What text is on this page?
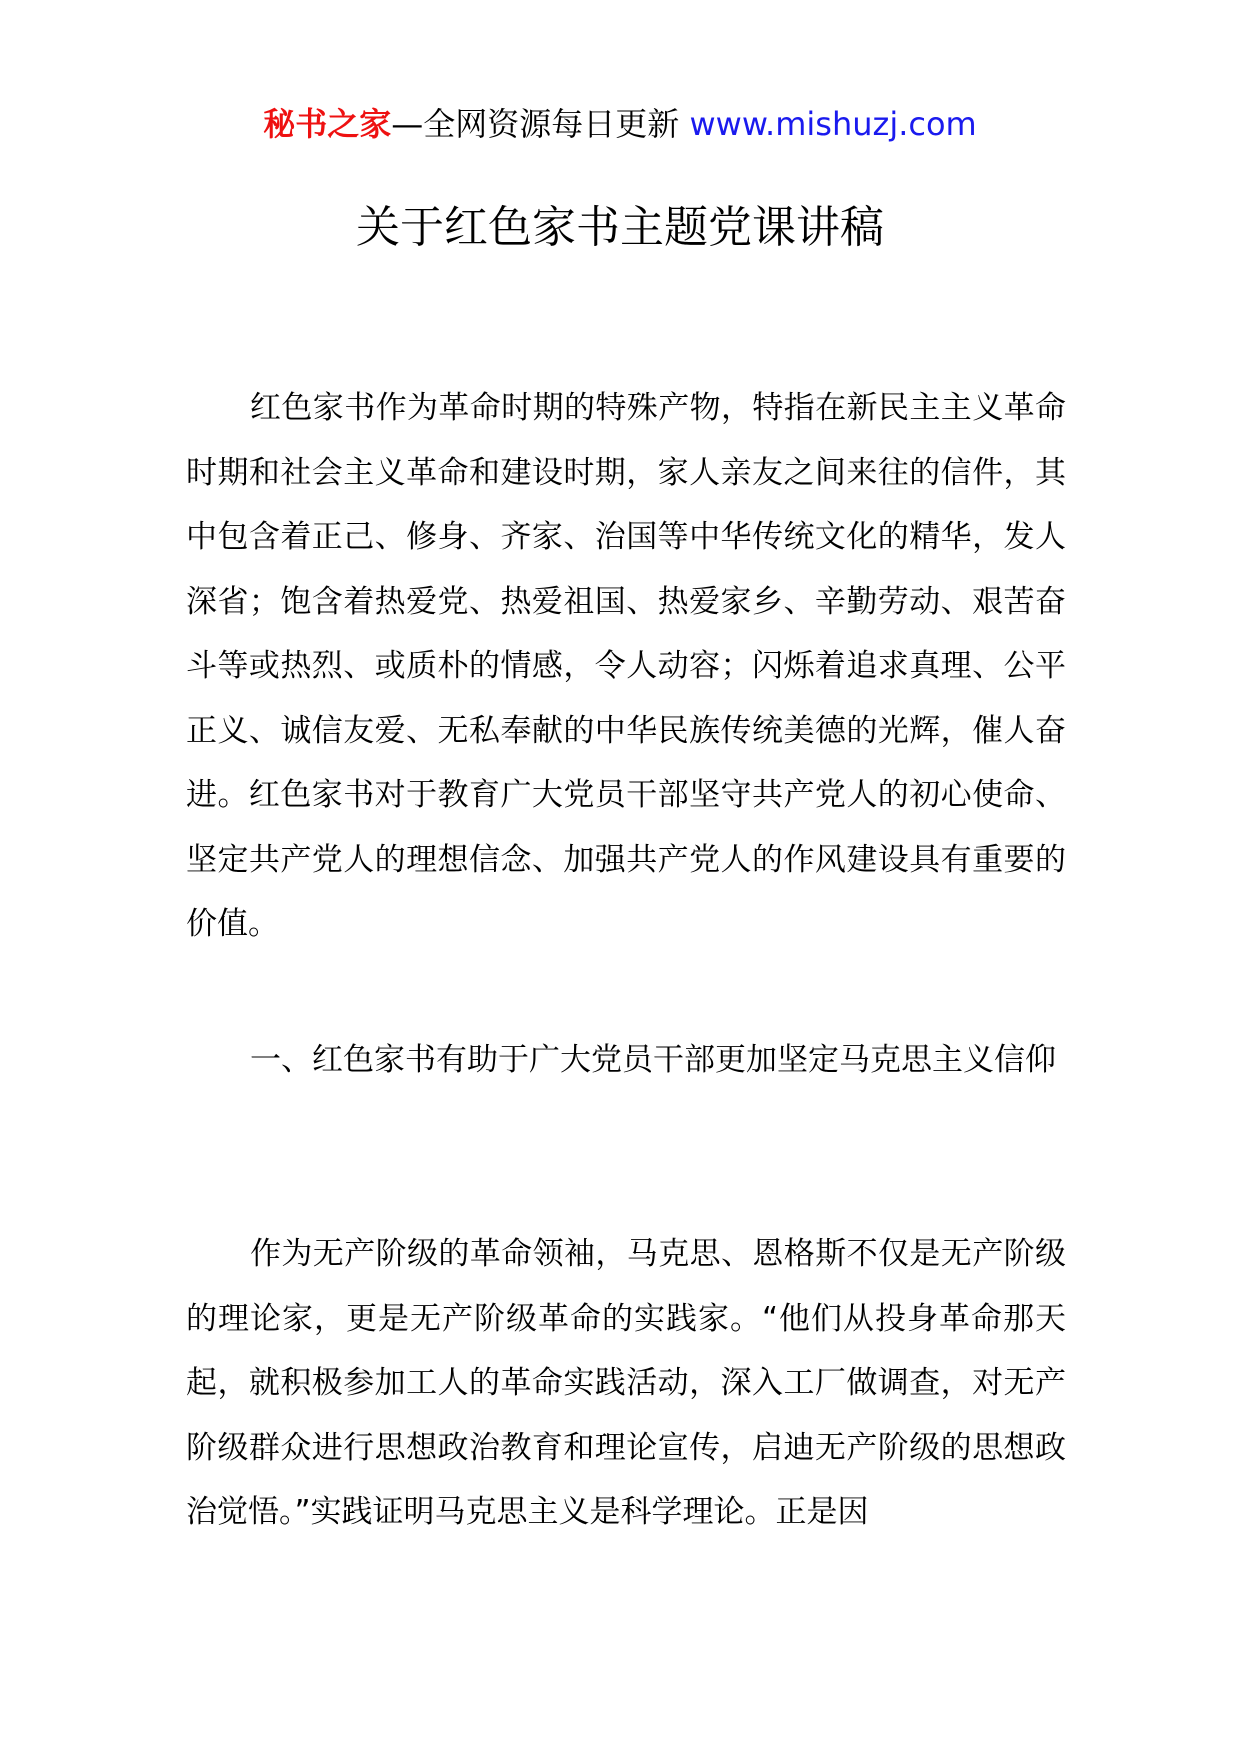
秘书之家—全网资源每日更新 www.mishuzj.com
关于红色家书主题党课讲稿

红色家书作为革命时期的特殊产物，特指在新民主主义革命时期和社会主义革命和建设时期，家人亲友之间来往的信件，其中包含着正己、修身、齐家、治国等中华传统文化的精华，发人深省；饱含着热爱党、热爱祖国、热爱家乡、辛勤劳动、艰苦奋斗等或热烈、或质朴的情感，令人动容；闪烁着追求真理、公平正义、诚信友爱、无私奉献的中华民族传统美德的光辉，催人奋进。红色家书对于教育广大党员干部坚守共产党人的初心使命、坚定共产党人的理想信念、加强共产党人的作风建设具有重要的价值。

一、红色家书有助于广大党员干部更加坚定马克思主义信仰

作为无产阶级的革命领袖，马克思、恩格斯不仅是无产阶级的理论家，更是无产阶级革命的实践家。“他们从投身革命那天起，就积极参加工人的革命实践活动，深入工厂做调查，对无产阶级群众进行思想政治教育和理论宣传，启迪无产阶级的思想政治觉悟。”实践证明马克思主义是科学理论。正是因
